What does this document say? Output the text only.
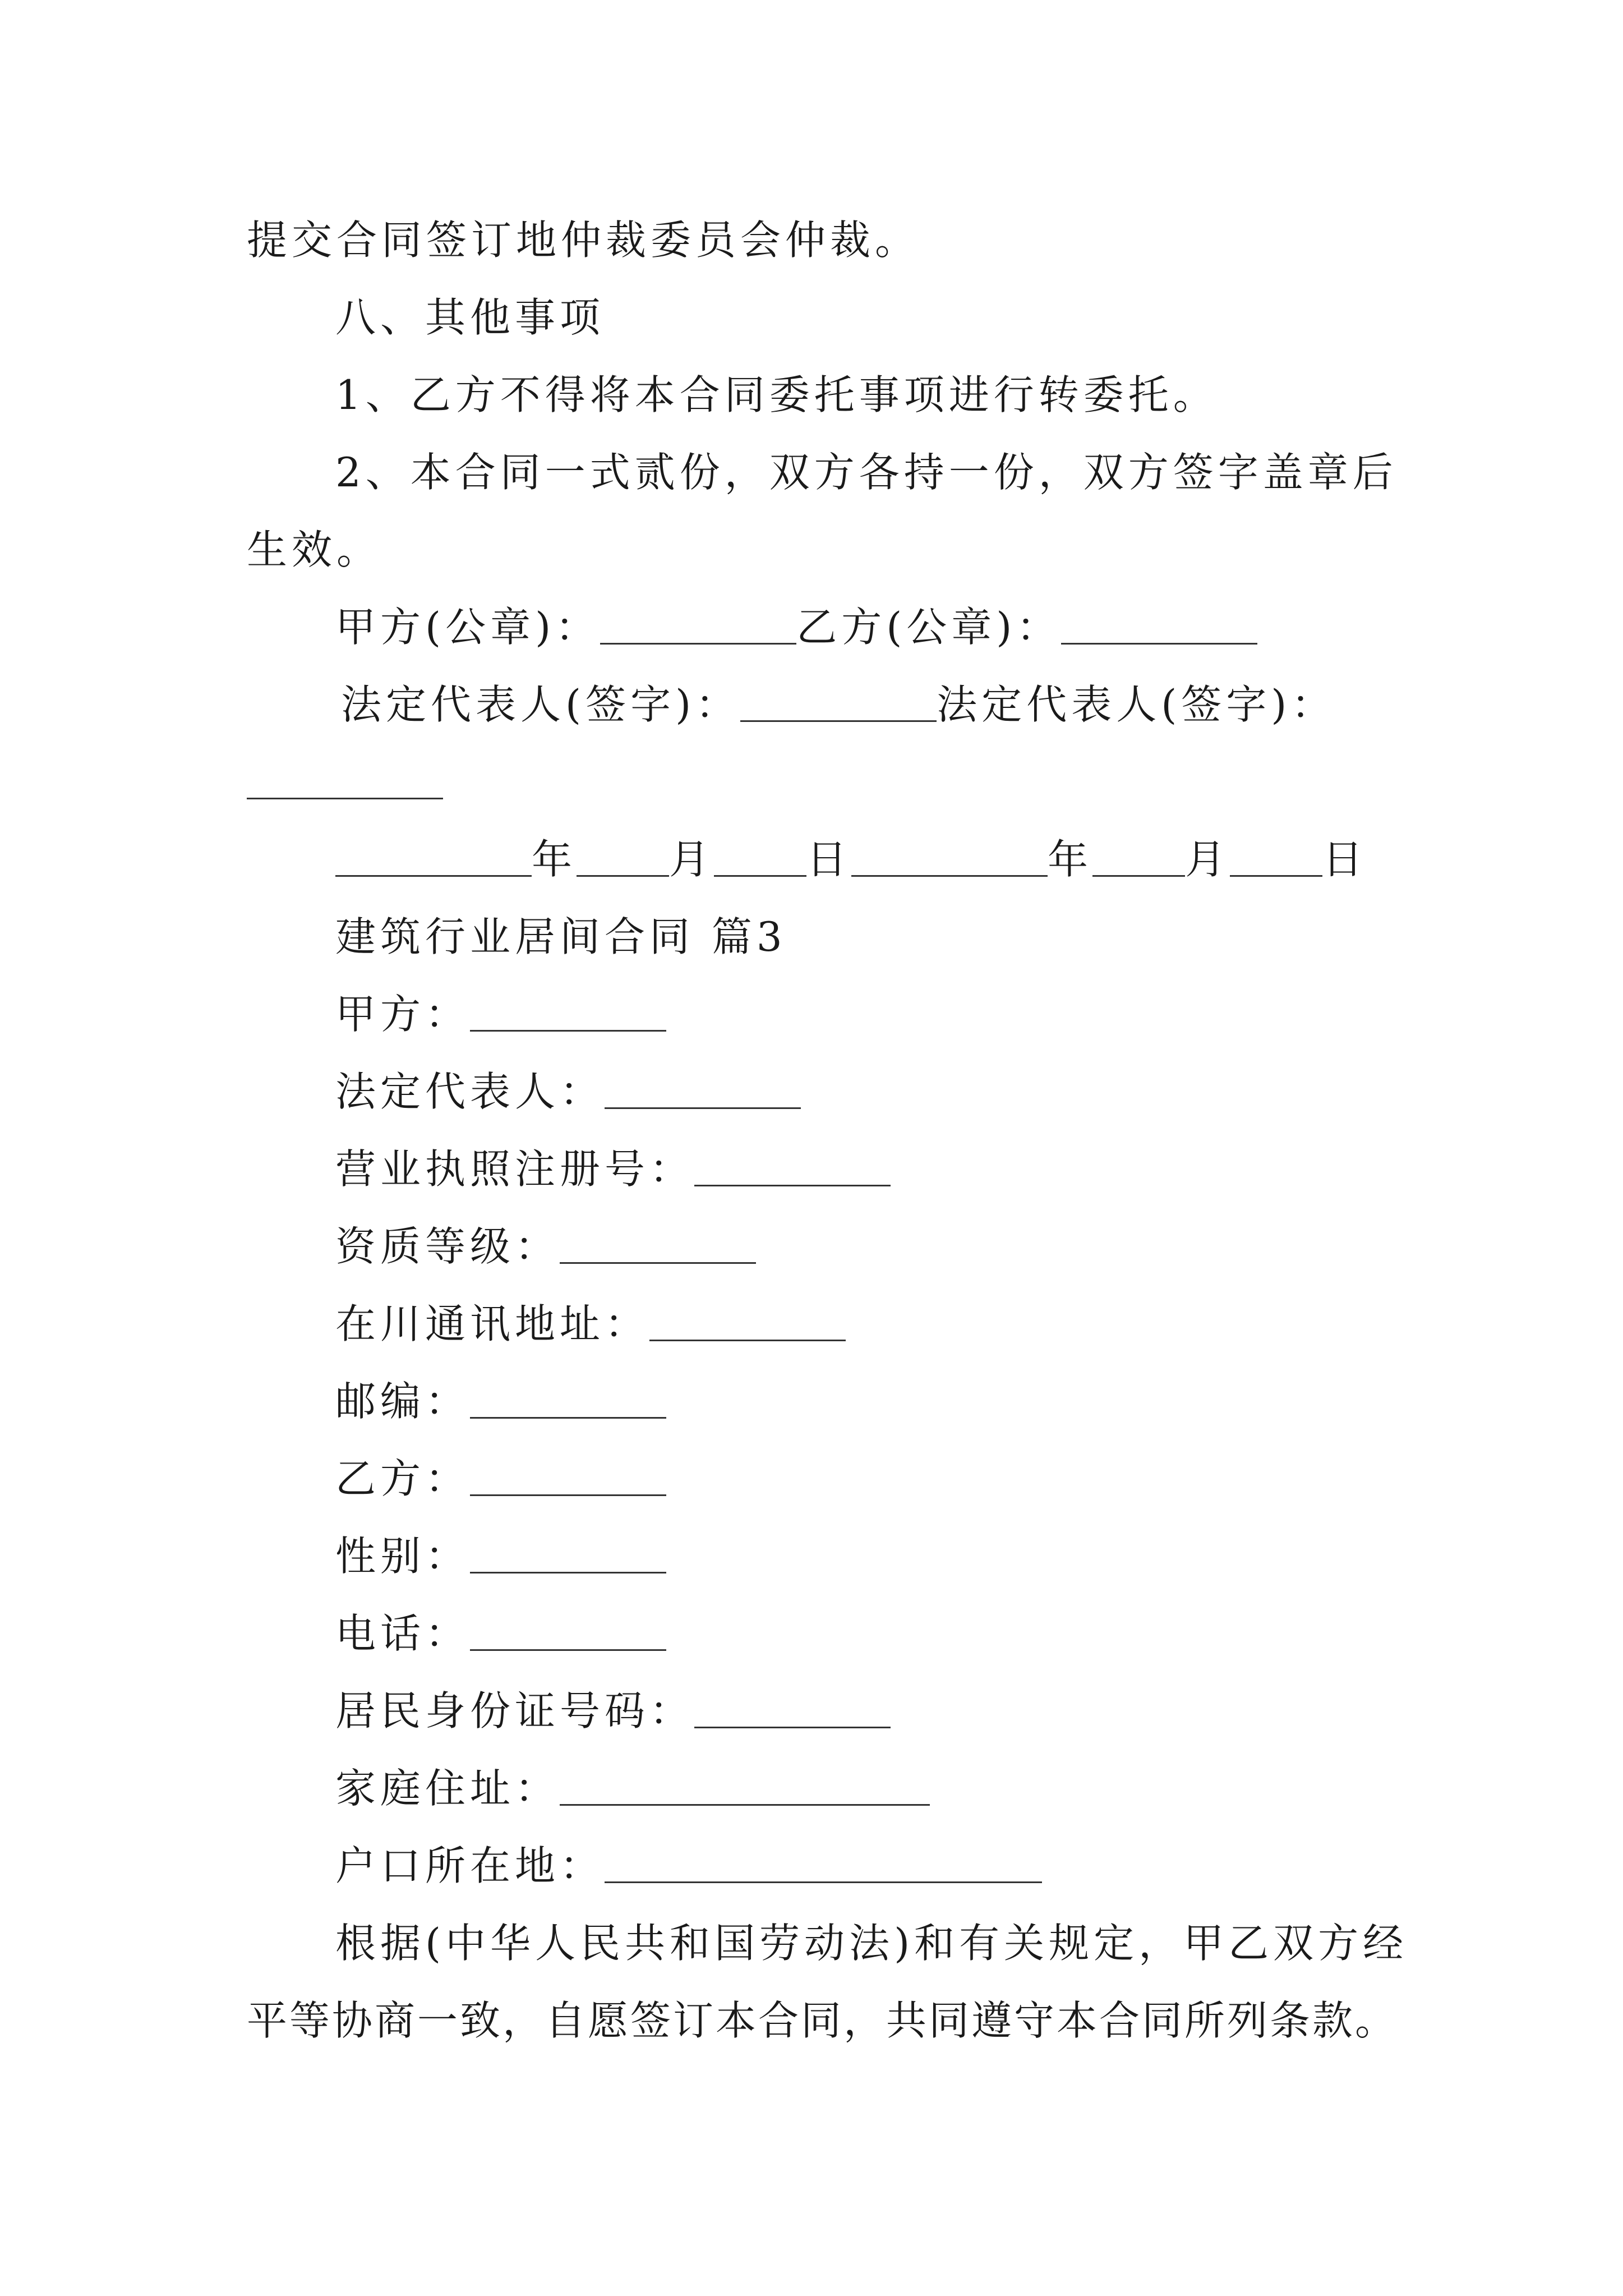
提交合同签订地仲裁委员会仲裁。
八、其他事项
1、乙方不得将本合同委托事项进行转委托。
2、本合同一式贰份，双方各持一份，双方签字盖章后
生效。
甲方(公章)：	乙方(公章)：
法定代表人(签字)：	法定代表人(签字)：
年 月 日	年 月 日
建筑行业居间合同 篇3
甲方：
法定代表人：
营业执照注册号：
资质等级：
在川通讯地址：
邮编：
乙方：
性别：
电话：
居民身份证号码：
家庭住址：
户口所在地：
根据(中华人民共和国劳动法)和有关规定，甲乙双方经
平等协商一致，自愿签订本合同，共同遵守本合同所列条款。
